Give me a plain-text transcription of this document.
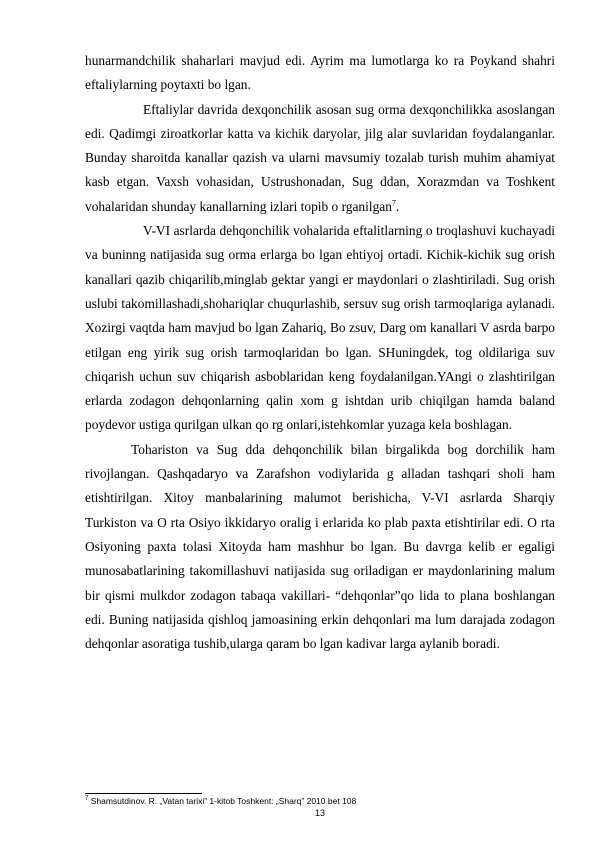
hunarmandchilik shaharlari mavjud edi. Ayrim ma lumotlarga ko ra Poykand shahri eftaliylarning poytaxti bo lgan.

Eftaliylar davrida dexqonchilik asosan sug orma dexqonchilikka asoslangan edi. Qadimgi ziroatkorlar katta va kichik daryolar, jilg alar suvlaridan foydalanganlar. Bunday sharoitda kanallar qazish va ularni mavsumiy tozalab turish muhim ahamiyat kasb etgan. Vaxsh vohasidan, Ustrushonadan, Sug ddan, Xorazmdan va Toshkent vohalaridan shunday kanallarning izlari topib o rganilgan$^7$.

V-VI asrlarda dehqonchilik vohalarida eftalitlarning o troqlashuvi kuchayadi va buninng natijasida sug orma erlarga bo lgan ehtiyoj ortadi. Kichik-kichik sug orish kanallari qazib chiqarilib,minglab gektar yangi er maydonlari o zlashtiriladi. Sug orish uslubi takomillashadi,shohariqlar chuqurlashib, sersuv sug orish tarmoqlariga aylanadi. Xozirgi vaqtda ham mavjud bo lgan Zahariq, Bo zsuv, Darg om kanallari V asrda barpo etilgan eng yirik sug orish tarmoqlaridan bo lgan. SHuningdek, tog oldilariga suv chiqarish uchun suv chiqarish asboblaridan keng foydalanilgan.YAngi o zlashtirilgan erlarda zodagon dehqonlarning qalin xom g ishtdan urib chiqilgan hamda baland poydevor ustiga qurilgan ulkan qo rg onlari,istehkomlar yuzaga kela boshlagan.

Toharistоn va Sug dda dehqonchilik bilan birgalikda bog dorchilik ham rivojlangan. Qashqadaryo va Zarafshon vodiylarida g alladan tashqari sholi ham etishtirilgan. Xitoy manbalarining malumot berishicha, V-VI asrlarda Sharqiy Turkiston va O rta Osiyo ikkidaryo oralig i erlarida ko plab paxta etishtirilar edi. O rta Osiyoning paxta tolasi Xitoyda ham mashhur bo lgan. Bu davrga kelib er egaligi munosabatlarining takomillashuvi natijasida sug oriladigan er maydonlarining malum bir qismi mulkdor zodagon tabaqa vakillari- “dehqonlar”qo lida to plana boshlangan edi. Buning natijasida qishloq jamoasining erkin dehqonlari ma lum darajada zodagon dehqonlar asoratiga tushib,ularga qaram bo lgan kadivar larga aylanib boradi.

$^7$ Shamsutdinov. R. „Vatan tarixi” 1-kitob Toshkent: „Sharq” 2010 bet 108
13
